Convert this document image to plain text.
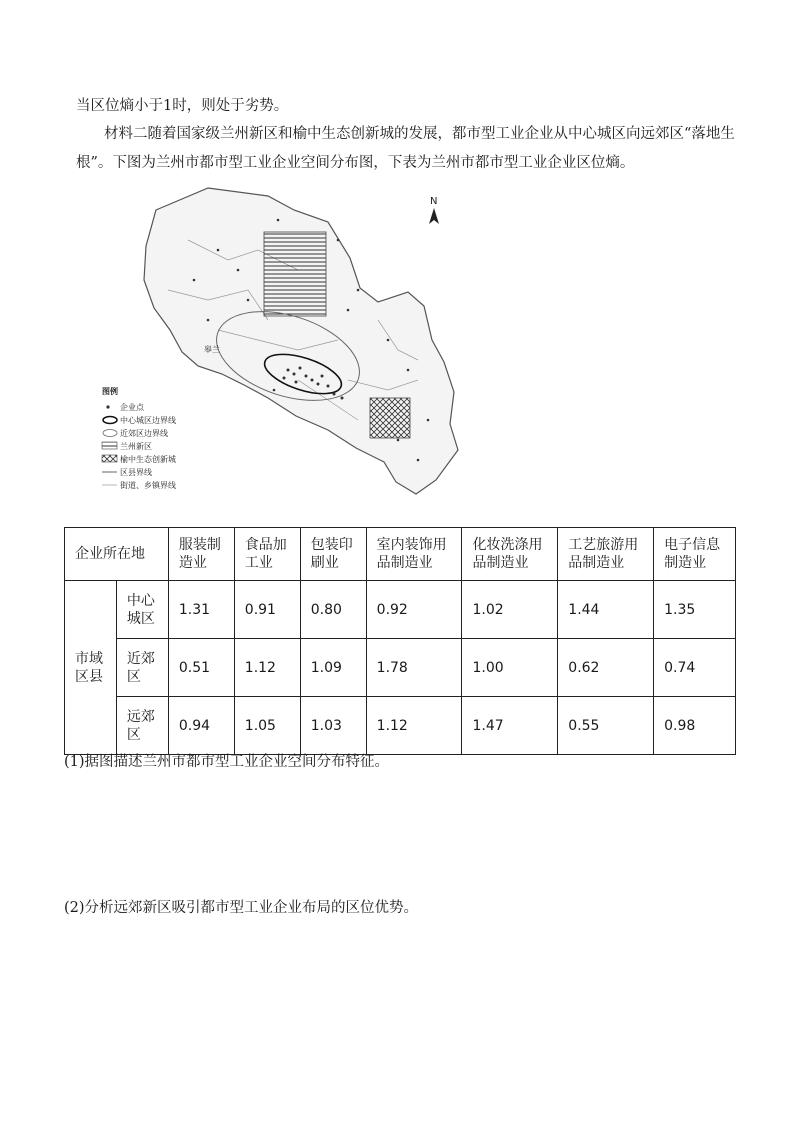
当区位熵小于1时，则处于劣势。
材料二随着国家级兰州新区和榆中生态创新城的发展，都市型工业企业从中心城区向远郊区“落地生
根”。下图为兰州市都市型工业企业空间分布图，下表为兰州市都市型工业企业区位熵。
皋兰
N
图例
企业点
中心城区边界线
近郊区边界线
兰州新区
榆中生态创新城
区县界线
街道、乡镇界线
企业所在地		服装制造业	食品加工业	包装印刷业	室内装饰用品制造业	化妆洗涤用品制造业	工艺旅游用品制造业	电子信息制造业
市域区县	中心城区	1.31	0.91	0.80	0.92	1.02	1.44	1.35
	近郊区	0.51	1.12	1.09	1.78	1.00	0.62	0.74
	远郊区	0.94	1.05	1.03	1.12	1.47	0.55	0.98
(1)据图描述兰州市都市型工业企业空间分布特征。
(2)分析远郊新区吸引都市型工业企业布局的区位优势。
